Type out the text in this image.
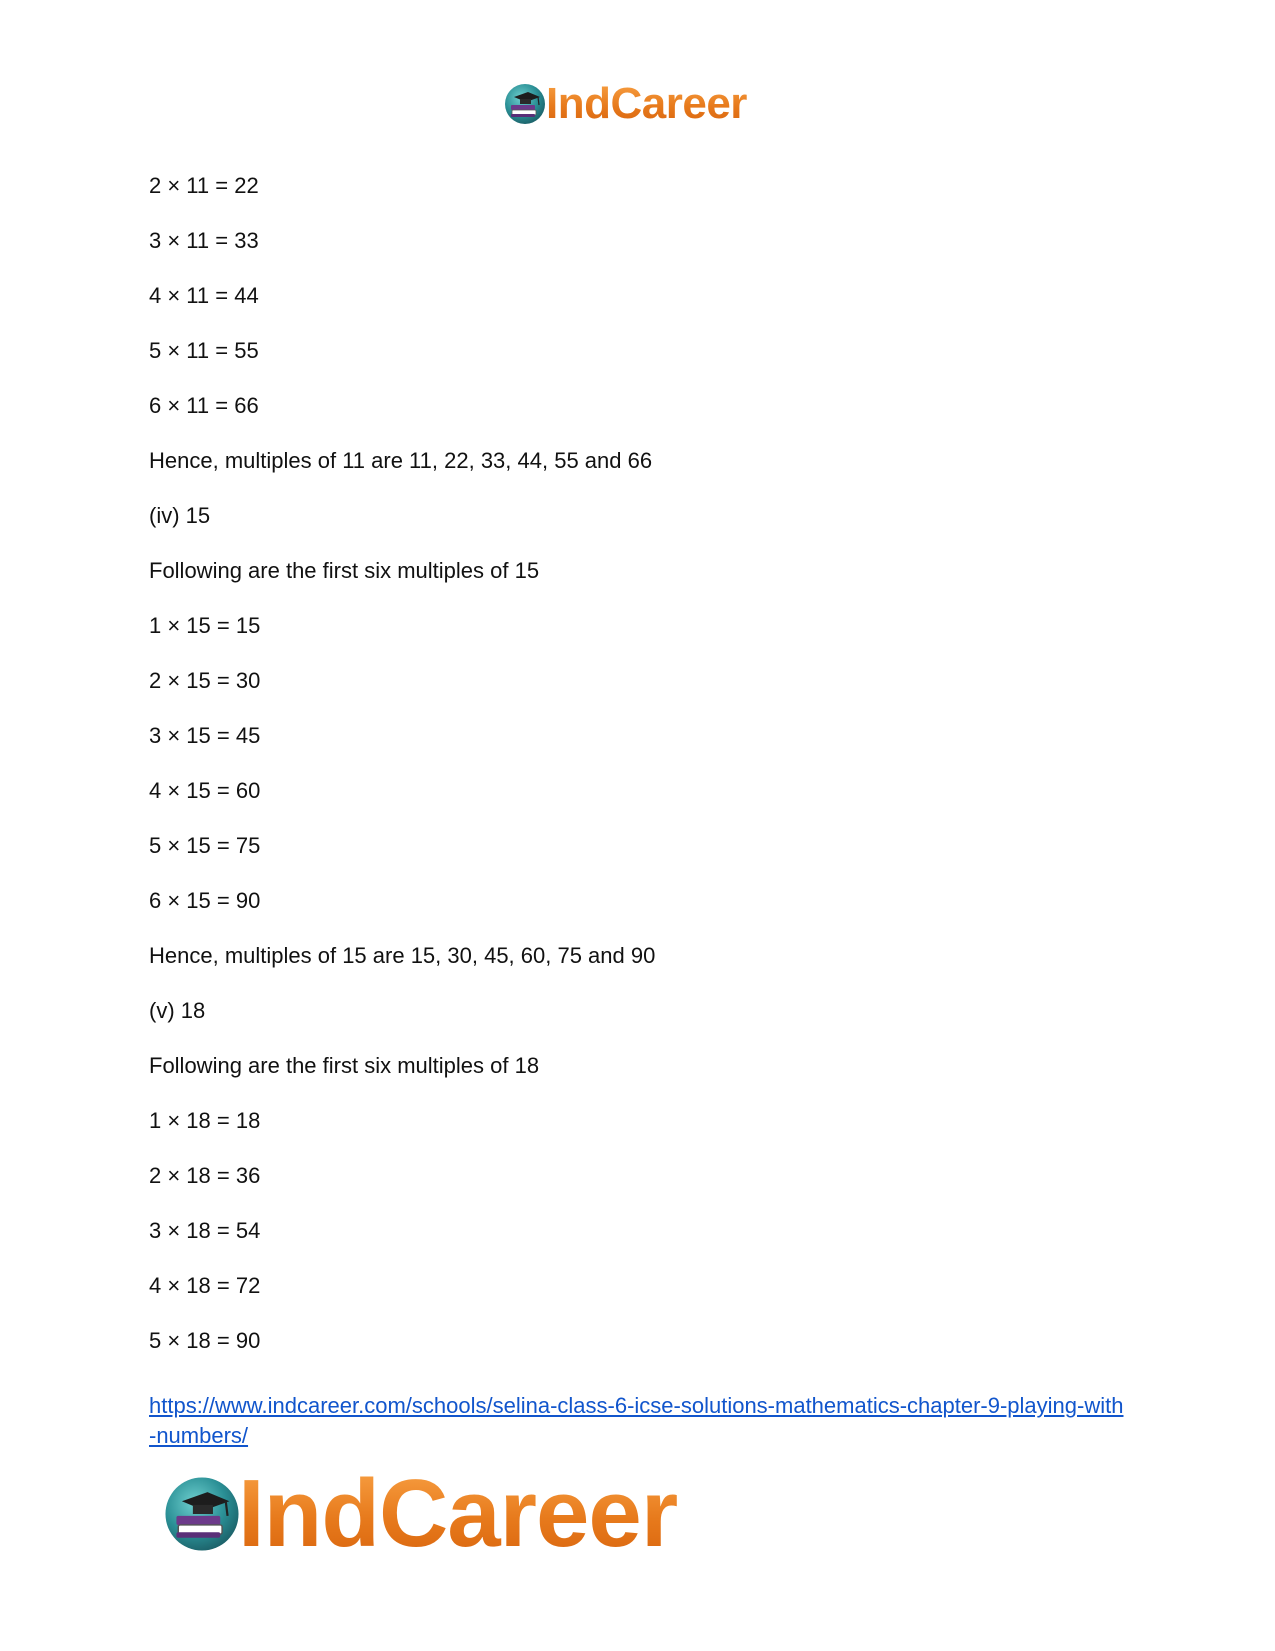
IndCareer
2 × 11 = 22
3 × 11 = 33
4 × 11 = 44
5 × 11 = 55
6 × 11 = 66
Hence, multiples of 11 are 11, 22, 33, 44, 55 and 66
(iv) 15
Following are the first six multiples of 15
1 × 15 = 15
2 × 15 = 30
3 × 15 = 45
4 × 15 = 60
5 × 15 = 75
6 × 15 = 90
Hence, multiples of 15 are 15, 30, 45, 60, 75 and 90
(v) 18
Following are the first six multiples of 18
1 × 18 = 18
2 × 18 = 36
3 × 18 = 54
4 × 18 = 72
5 × 18 = 90
https://www.indcareer.com/schools/selina-class-6-icse-solutions-mathematics-chapter-9-playing-with-numbers/
IndCareer
